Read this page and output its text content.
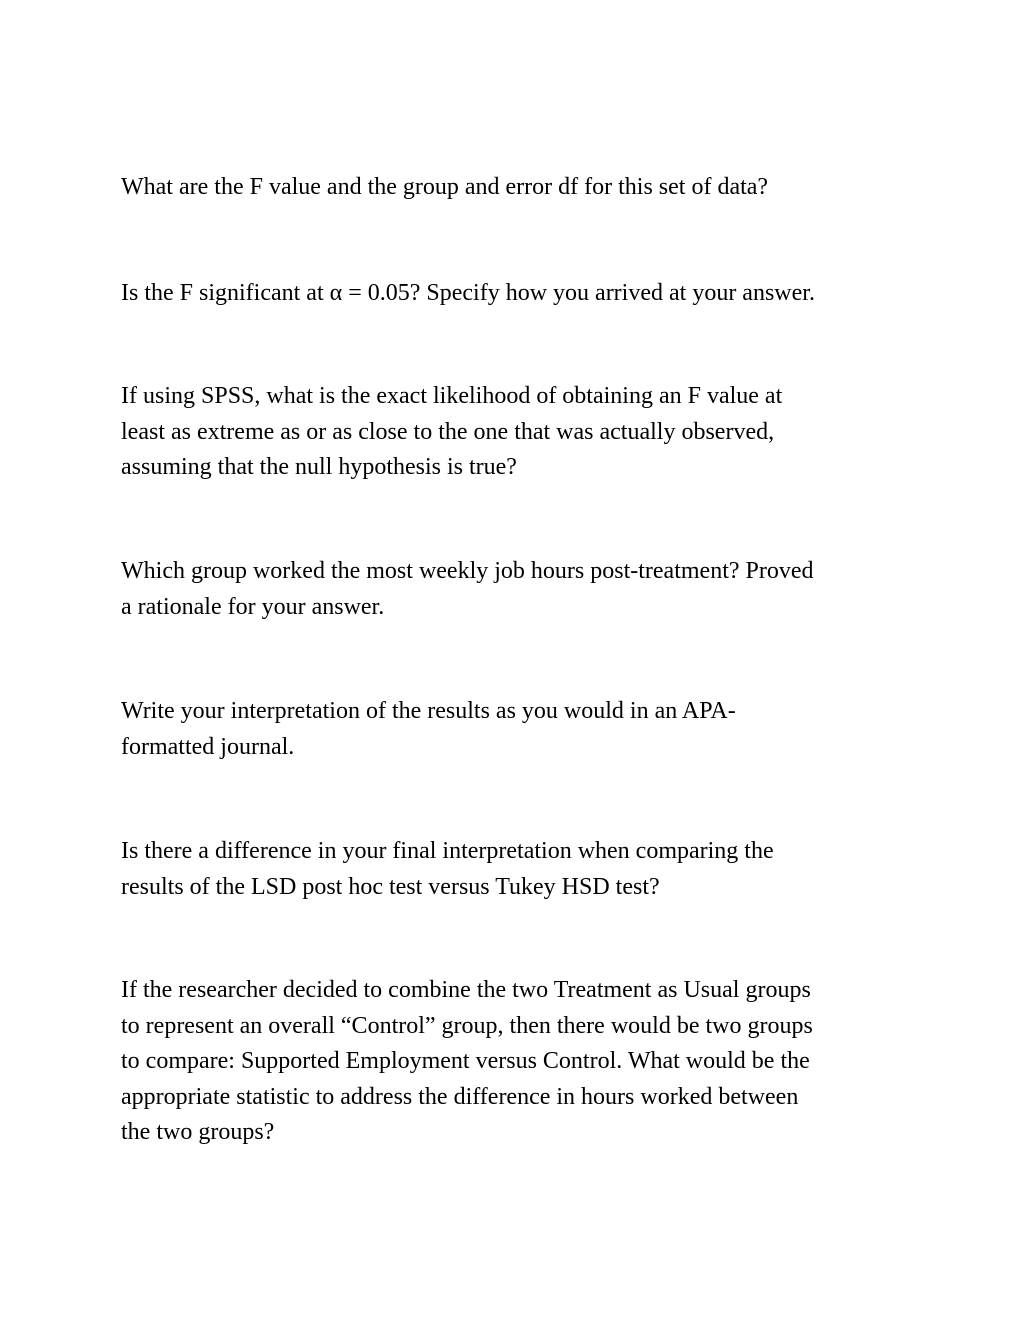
What are the F value and the group and error df for this set of data?

Is the F significant at α = 0.05? Specify how you arrived at your answer.

If using SPSS, what is the exact likelihood of obtaining an F value at
least as extreme as or as close to the one that was actually observed,
assuming that the null hypothesis is true?

Which group worked the most weekly job hours post-treatment? Proved
a rationale for your answer.

Write your interpretation of the results as you would in an APA-
formatted journal.

Is there a difference in your final interpretation when comparing the
results of the LSD post hoc test versus Tukey HSD test?

If the researcher decided to combine the two Treatment as Usual groups
to represent an overall “Control” group, then there would be two groups
to compare: Supported Employment versus Control. What would be the
appropriate statistic to address the difference in hours worked between
the two groups?
